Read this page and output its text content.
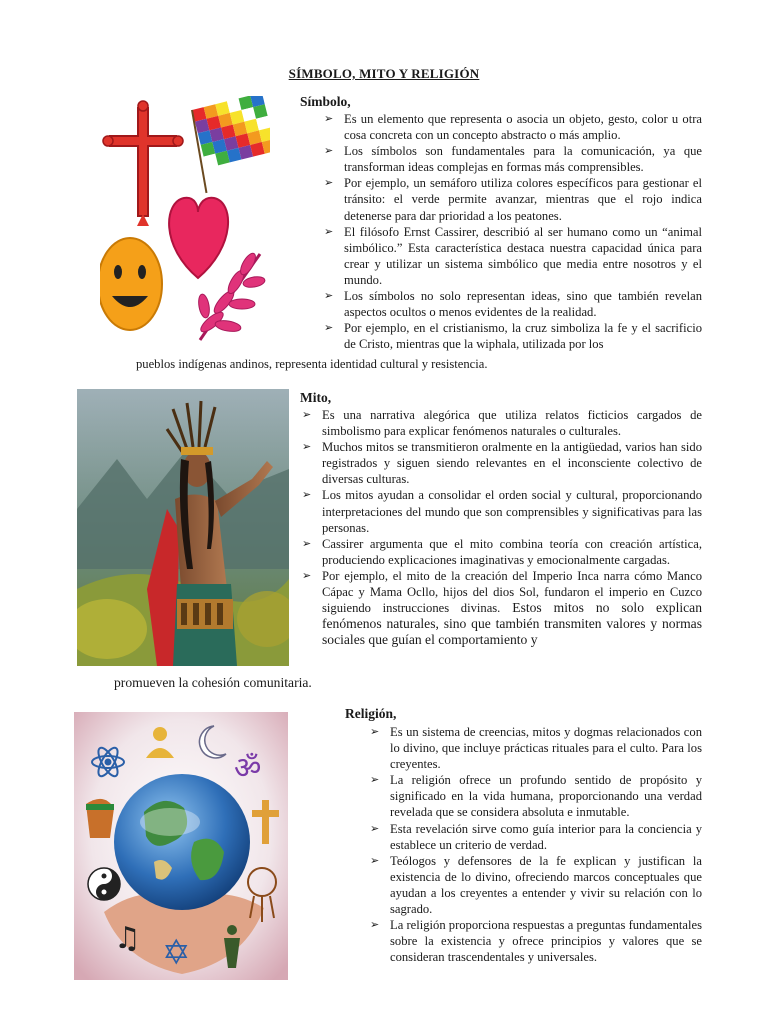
SÍMBOLO, MITO Y RELIGIÓN
Símbolo,
➢ Es un elemento que representa o asocia un objeto, gesto, color u otra cosa concreta con un concepto abstracto o más amplio.
➢ Los símbolos son fundamentales para la comunicación, ya que transforman ideas complejas en formas más comprensibles.
➢ Por ejemplo, un semáforo utiliza colores específicos para gestionar el tránsito: el verde permite avanzar, mientras que el rojo indica detenerse para dar prioridad a los peatones.
➢ El filósofo Ernst Cassirer, describió al ser humano como un “animal simbólico.” Esta característica destaca nuestra capacidad única para crear y utilizar un sistema simbólico que media entre nosotros y el mundo.
➢ Los símbolos no solo representan ideas, sino que también revelan aspectos ocultos o menos evidentes de la realidad.
➢ Por ejemplo, en el cristianismo, la cruz simboliza la fe y el sacrificio de Cristo, mientras que la wiphala, utilizada por los
pueblos indígenas andinos, representa identidad cultural y resistencia.
Mito,
➢ Es una narrativa alegórica que utiliza relatos ficticios cargados de simbolismo para explicar fenómenos naturales o culturales.
➢ Muchos mitos se transmitieron oralmente en la antigüedad, varios han sido registrados y siguen siendo relevantes en el inconsciente colectivo de diversas culturas.
➢ Los mitos ayudan a consolidar el orden social y cultural, proporcionando interpretaciones del mundo que son comprensibles y significativas para las personas.
➢ Cassirer argumenta que el mito combina teoría con creación artística, produciendo explicaciones imaginativas y emocionalmente cargadas.
➢ Por ejemplo, el mito de la creación del Imperio Inca narra cómo Manco Cápac y Mama Ocllo, hijos del dios Sol, fundaron el imperio en Cuzco siguiendo instrucciones divinas. Estos mitos no solo explican fenómenos naturales, sino que también transmiten valores y normas sociales que guían el comportamiento y
promueven la cohesión comunitaria.
ॐ
♫ ✡
Religión,
➢ Es un sistema de creencias, mitos y dogmas relacionados con lo divino, que incluye prácticas rituales para el culto. Para los creyentes.
➢ La religión ofrece un profundo sentido de propósito y significado en la vida humana, proporcionando una verdad revelada que se considera absoluta e inmutable.
➢ Esta revelación sirve como guía interior para la conciencia y establece un criterio de verdad.
➢ Teólogos y defensores de la fe explican y justifican la existencia de lo divino, ofreciendo marcos conceptuales que ayudan a los creyentes a entender y vivir su relación con lo sagrado.
➢ La religión proporciona respuestas a preguntas fundamentales sobre la existencia y ofrece principios y valores que se consideran trascendentales y universales.
